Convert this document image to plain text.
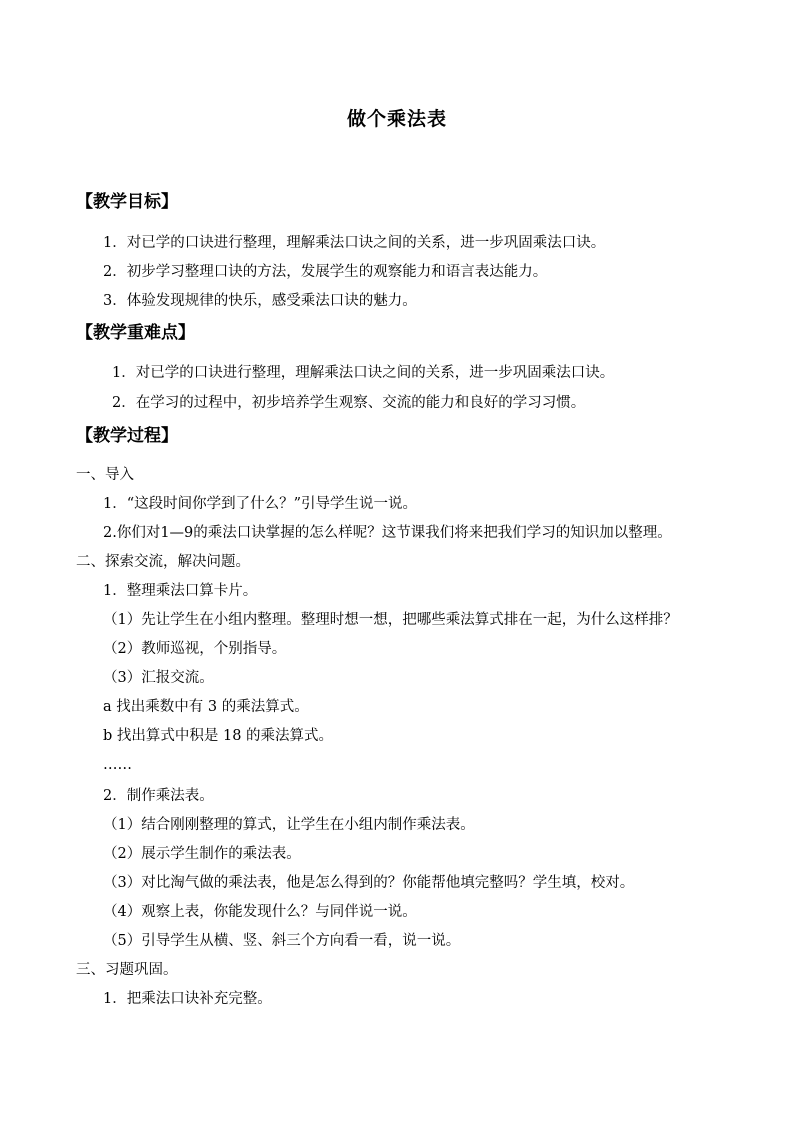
做个乘法表
【教学目标】
1．对已学的口诀进行整理，理解乘法口诀之间的关系，进一步巩固乘法口诀。
2．初步学习整理口诀的方法，发展学生的观察能力和语言表达能力。
3．体验发现规律的快乐，感受乘法口诀的魅力。
【教学重难点】
1．对已学的口诀进行整理，理解乘法口诀之间的关系，进一步巩固乘法口诀。
2．在学习的过程中，初步培养学生观察、交流的能力和良好的学习习惯。
【教学过程】
一、导入
1．“这段时间你学到了什么？”引导学生说一说。
2.你们对1—9的乘法口诀掌握的怎么样呢？这节课我们将来把我们学习的知识加以整理。
二、探索交流，解决问题。
1．整理乘法口算卡片。
（1）先让学生在小组内整理。整理时想一想，把哪些乘法算式排在一起，为什么这样排？
（2）教师巡视，个别指导。
（3）汇报交流。
a 找出乘数中有 3 的乘法算式。
b 找出算式中积是 18 的乘法算式。
……
2．制作乘法表。
（1）结合刚刚整理的算式，让学生在小组内制作乘法表。
（2）展示学生制作的乘法表。
（3）对比淘气做的乘法表，他是怎么得到的？你能帮他填完整吗？学生填，校对。
（4）观察上表，你能发现什么？与同伴说一说。
（5）引导学生从横、竖、斜三个方向看一看，说一说。
三、习题巩固。
1．把乘法口诀补充完整。
